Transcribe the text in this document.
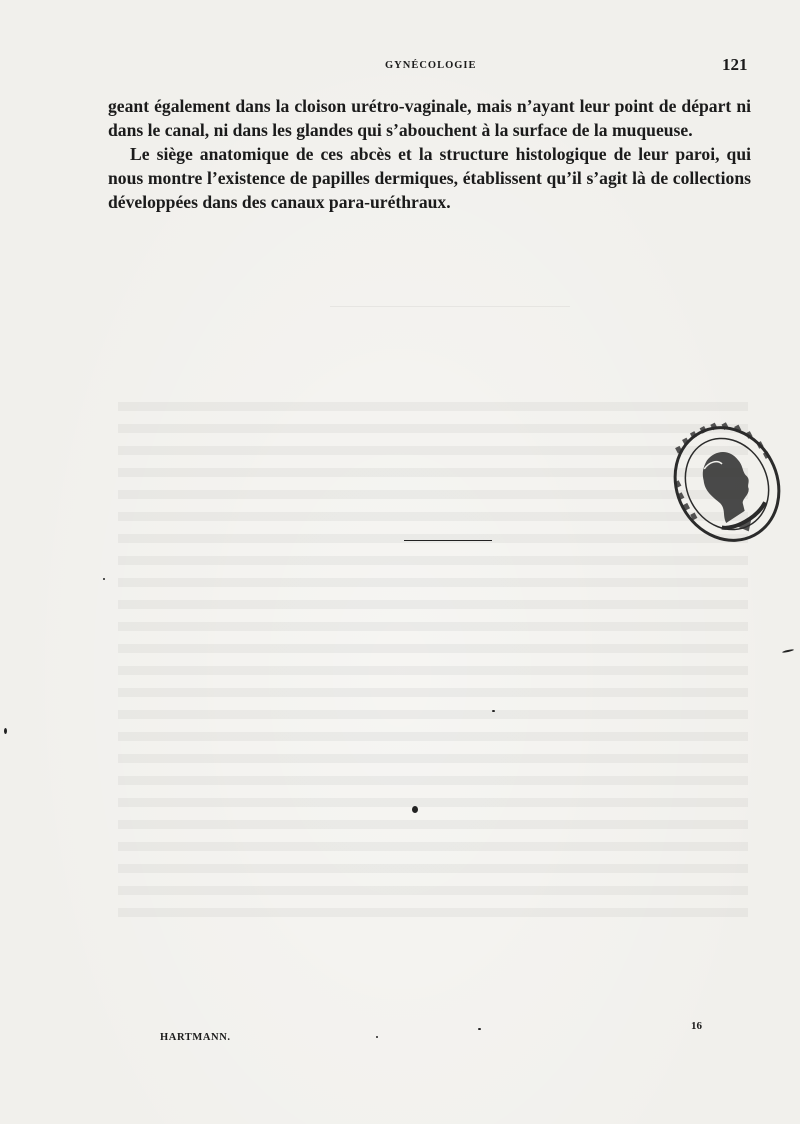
GYNÉCOLOGIE	121

geant également dans la cloison urétro-vaginale, mais n’ayant leur point de départ ni dans le canal, ni dans les glandes qui s’abouchent à la surface de la muqueuse.

Le siège anatomique de ces abcès et la structure histologique de leur paroi, qui nous montre l’existence de papilles dermiques, établissent qu’il s’agit là de collections développées dans des canaux para-uréthraux.

HARTMANN.
16
